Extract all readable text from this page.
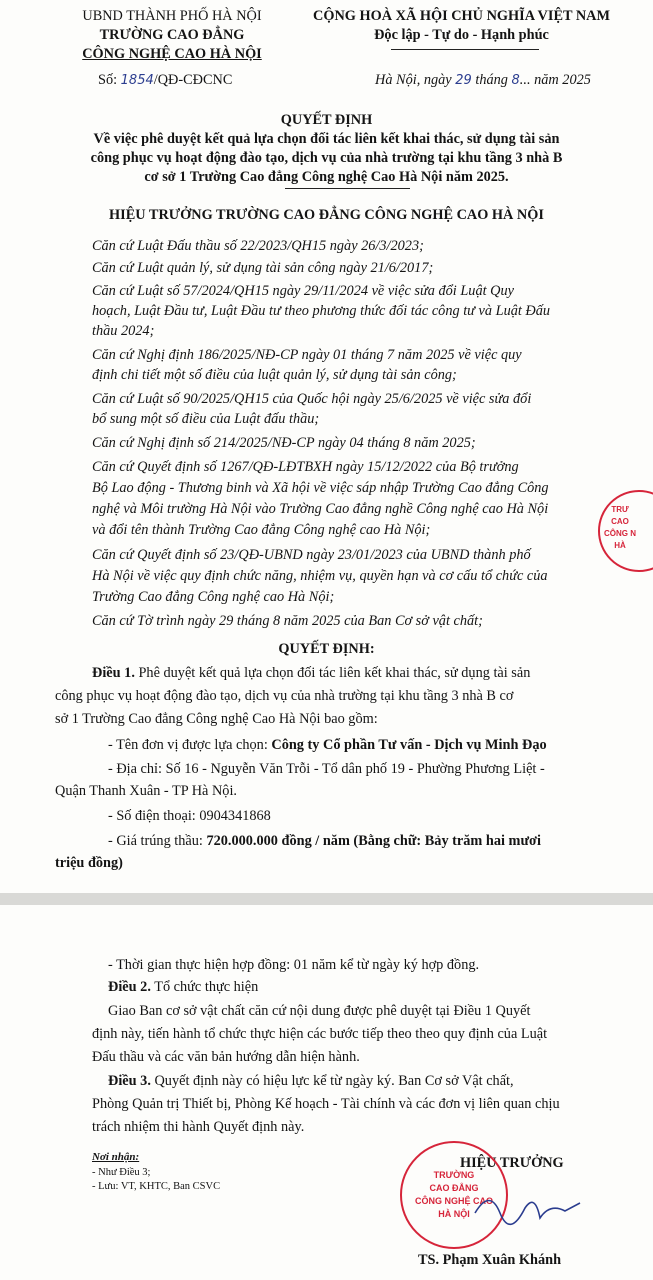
UBND THÀNH PHỐ HÀ NỘI
TRƯỜNG CAO ĐẲNG
CÔNG NGHỆ CAO HÀ NỘI
Số: 1854/QĐ-CĐCNC
CỘNG HOÀ XÃ HỘI CHỦ NGHĨA VIỆT NAM
Độc lập - Tự do - Hạnh phúc
Hà Nội, ngày 29 tháng 8... năm 2025
QUYẾT ĐỊNH
Về việc phê duyệt kết quả lựa chọn đối tác liên kết khai thác, sử dụng tài sản
công phục vụ hoạt động đào tạo, dịch vụ của nhà trường tại khu tầng 3 nhà B
cơ sở 1 Trường Cao đẳng Công nghệ Cao Hà Nội năm 2025.
HIỆU TRƯỞNG TRƯỜNG CAO ĐẲNG CÔNG NGHỆ CAO HÀ NỘI
Căn cứ Luật Đấu thầu số 22/2023/QH15 ngày 26/3/2023;
Căn cứ Luật quản lý, sử dụng tài sản công ngày 21/6/2017;
Căn cứ Luật số 57/2024/QH15 ngày 29/11/2024 về việc sửa đổi Luật Quy
hoạch, Luật Đầu tư, Luật Đầu tư theo phương thức đối tác công tư và Luật Đấu
thầu 2024;
Căn cứ Nghị định 186/2025/NĐ-CP ngày 01 tháng 7 năm 2025 về việc quy
định chi tiết một số điều của luật quản lý, sử dụng tài sản công;
Căn cứ Luật số 90/2025/QH15 của Quốc hội ngày 25/6/2025 về việc sửa đổi
bổ sung một số điều của Luật đấu thầu;
Căn cứ Nghị định số 214/2025/NĐ-CP ngày 04 tháng 8 năm 2025;
Căn cứ Quyết định số 1267/QĐ-LĐTBXH ngày 15/12/2022 của Bộ trưởng
Bộ Lao động - Thương binh và Xã hội về việc sáp nhập Trường Cao đẳng Công
nghệ và Môi trường Hà Nội vào Trường Cao đẳng nghề Công nghệ cao Hà Nội
và đổi tên thành Trường Cao đẳng Công nghệ cao Hà Nội;
Căn cứ Quyết định số 23/QĐ-UBND ngày 23/01/2023 của UBND thành phố
Hà Nội về việc quy định chức năng, nhiệm vụ, quyền hạn và cơ cấu tổ chức của
Trường Cao đẳng Công nghệ cao Hà Nội;
Căn cứ Tờ trình ngày 29 tháng 8 năm 2025 của Ban Cơ sở vật chất;
TRƯ
CAO
CÔNG N
HÀ
QUYẾT ĐỊNH:
Điều 1. Phê duyệt kết quả lựa chọn đối tác liên kết khai thác, sử dụng tài sản
công phục vụ hoạt động đào tạo, dịch vụ của nhà trường tại khu tầng 3 nhà B cơ
sở 1 Trường Cao đẳng Công nghệ Cao Hà Nội bao gồm:
- Tên đơn vị được lựa chọn: Công ty Cổ phần Tư vấn - Dịch vụ Minh Đạo
- Địa chỉ: Số 16 - Nguyễn Văn Trỗi - Tổ dân phố 19 - Phường Phương Liệt -
Quận Thanh Xuân - TP Hà Nội.
- Số điện thoại: 0904341868
- Giá trúng thầu: 720.000.000 đồng / năm (Bằng chữ: Bảy trăm hai mươi
triệu đồng)
- Thời gian thực hiện hợp đồng: 01 năm kể từ ngày ký hợp đồng.
Điều 2. Tổ chức thực hiện
Giao Ban cơ sở vật chất căn cứ nội dung được phê duyệt tại Điều 1 Quyết
định này, tiến hành tổ chức thực hiện các bước tiếp theo theo quy định của Luật
Đấu thầu và các văn bản hướng dẫn hiện hành.
Điều 3. Quyết định này có hiệu lực kể từ ngày ký. Ban Cơ sở Vật chất,
Phòng Quản trị Thiết bị, Phòng Kế hoạch - Tài chính và các đơn vị liên quan chịu
trách nhiệm thi hành Quyết định này.
Nơi nhận:
- Như Điều 3;
- Lưu: VT, KHTC, Ban CSVC
HIỆU TRƯỞNG
TRƯỜNG
CAO ĐẲNG
CÔNG NGHỆ CAO
HÀ NỘI
TS. Phạm Xuân Khánh
